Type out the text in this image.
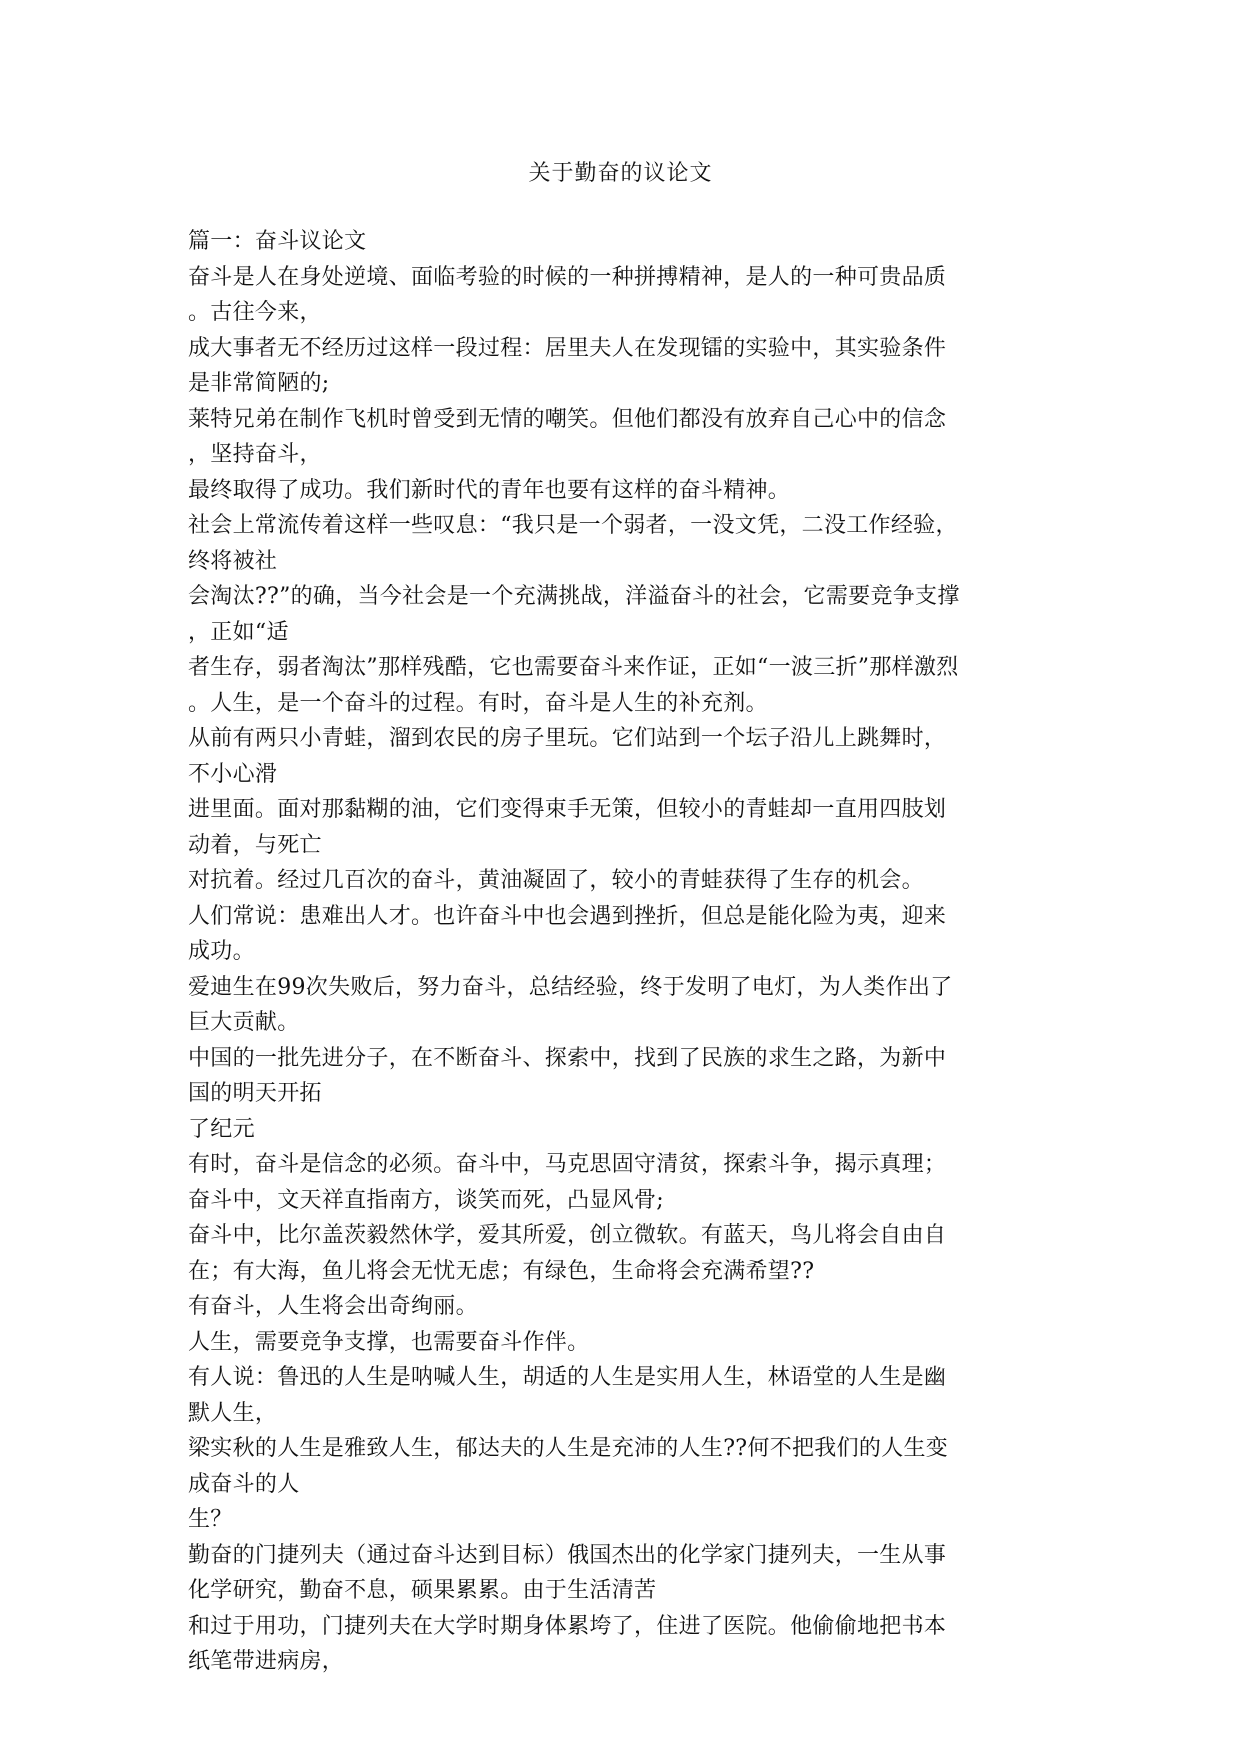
关于勤奋的议论文
篇一：奋斗议论文
奋斗是人在身处逆境、面临考验的时候的一种拼搏精神，是人的一种可贵品质
。古往今来，
成大事者无不经历过这样一段过程：居里夫人在发现镭的实验中，其实验条件
是非常简陋的;
莱特兄弟在制作飞机时曾受到无情的嘲笑。但他们都没有放弃自己心中的信念
，坚持奋斗，
最终取得了成功。我们新时代的青年也要有这样的奋斗精神。
社会上常流传着这样一些叹息：“我只是一个弱者，一没文凭，二没工作经验，
终将被社
会淘汰??”的确，当今社会是一个充满挑战，洋溢奋斗的社会，它需要竞争支撑
，正如“适
者生存，弱者淘汰”那样残酷，它也需要奋斗来作证，正如“一波三折”那样激烈
。人生，是一个奋斗的过程。有时，奋斗是人生的补充剂。
从前有两只小青蛙，溜到农民的房子里玩。它们站到一个坛子沿儿上跳舞时，
不小心滑
进里面。面对那黏糊的油，它们变得束手无策，但较小的青蛙却一直用四肢划
动着，与死亡
对抗着。经过几百次的奋斗，黄油凝固了，较小的青蛙获得了生存的机会。
人们常说：患难出人才。也许奋斗中也会遇到挫折，但总是能化险为夷，迎来
成功。
爱迪生在99次失败后，努力奋斗，总结经验，终于发明了电灯，为人类作出了
巨大贡献。
中国的一批先进分子，在不断奋斗、探索中，找到了民族的求生之路，为新中
国的明天开拓
了纪元
有时，奋斗是信念的必须。奋斗中，马克思固守清贫，探索斗争，揭示真理；
奋斗中，文天祥直指南方，谈笑而死，凸显风骨;
奋斗中，比尔盖茨毅然休学，爱其所爱，创立微软。有蓝天，鸟儿将会自由自
在；有大海，鱼儿将会无忧无虑；有绿色，生命将会充满希望??
有奋斗，人生将会出奇绚丽。
人生，需要竞争支撑，也需要奋斗作伴。
有人说：鲁迅的人生是呐喊人生，胡适的人生是实用人生，林语堂的人生是幽
默人生，
梁实秋的人生是雅致人生，郁达夫的人生是充沛的人生??何不把我们的人生变
成奋斗的人
生？
勤奋的门捷列夫（通过奋斗达到目标）俄国杰出的化学家门捷列夫，一生从事
化学研究，勤奋不息，硕果累累。由于生活清苦
和过于用功，门捷列夫在大学时期身体累垮了，住进了医院。他偷偷地把书本
纸笔带进病房，
